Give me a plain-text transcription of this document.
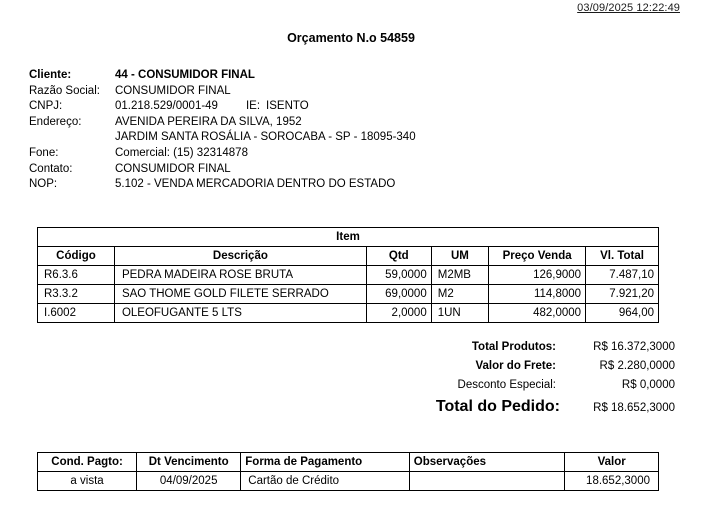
03/09/2025 12:22:49
Orçamento N.o 54859
Cliente:	44 - CONSUMIDOR FINAL
Razão Social:	CONSUMIDOR FINAL
CNPJ:	01.218.529/0001-49 IE: ISENTO
Endereço:	AVENIDA PEREIRA DA SILVA, 1952
JARDIM SANTA ROSÁLIA - SOROCABA - SP - 18095-340
Fone:	Comercial: (15) 32314878
Contato:	CONSUMIDOR FINAL
NOP:	5.102 - VENDA MERCADORIA DENTRO DO ESTADO
Item					
Código	Descrição	Qtd	UM	Preço Venda	Vl. Total
R6.3.6	PEDRA MADEIRA ROSE BRUTA	59,0000	M2MB	126,9000	7.487,10
R3.3.2	SAO THOME GOLD FILETE SERRADO	69,0000	M2	114,8000	7.921,20
I.6002	OLEOFUGANTE 5 LTS	2,0000	1UN	482,0000	964,00
Total Produtos:	R$ 16.372,3000
Valor do Frete:	R$ 2.280,0000
Desconto Especial:	R$ 0,0000
Total do Pedido:	R$ 18.652,3000
Cond. Pagto:	Dt Vencimento	Forma de Pagamento	Observações	Valor
a vista	04/09/2025	Cartão de Crédito		18.652,3000
